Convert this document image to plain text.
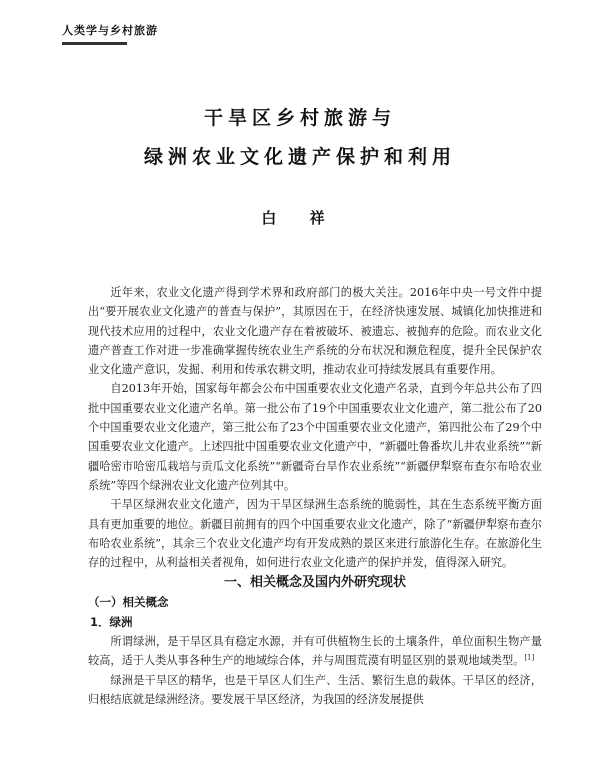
人类学与乡村旅游
干旱区乡村旅游与
绿洲农业文化遗产保护和利用
白 祥

近年来，农业文化遗产得到学术界和政府部门的极大关注。2016年中央一号文件中提出“要开展农业文化遗产的普查与保护”，其原因在于，在经济快速发展、城镇化加快推进和现代技术应用的过程中，农业文化遗产存在着被破坏、被遗忘、被抛弃的危险。而农业文化遗产普查工作对进一步准确掌握传统农业生产系统的分布状况和濒危程度，提升全民保护农业文化遗产意识，发掘、利用和传承农耕文明，推动农业可持续发展具有重要作用。

自2013年开始，国家每年都会公布中国重要农业文化遗产名录，直到今年总共公布了四批中国重要农业文化遗产名单。第一批公布了19个中国重要农业文化遗产，第二批公布了20个中国重要农业文化遗产，第三批公布了23个中国重要农业文化遗产，第四批公布了29个中国重要农业文化遗产。上述四批中国重要农业文化遗产中，“新疆吐鲁番坎儿井农业系统”“新疆哈密市哈密瓜栽培与贡瓜文化系统”“新疆奇台旱作农业系统”“新疆伊犁察布查尔布哈农业系统”等四个绿洲农业文化遗产位列其中。

干旱区绿洲农业文化遗产，因为干旱区绿洲生态系统的脆弱性，其在生态系统平衡方面具有更加重要的地位。新疆目前拥有的四个中国重要农业文化遗产，除了“新疆伊犁察布查尔布哈农业系统”，其余三个农业文化遗产均有开发成熟的景区来进行旅游化生存。在旅游化生存的过程中，从利益相关者视角，如何进行农业文化遗产的保护并发，值得深入研究。

一、相关概念及国内外研究现状
（一）相关概念
1．绿洲

所谓绿洲，是干旱区具有稳定水源，并有可供植物生长的土壤条件，单位面积生物产量较高，适于人类从事各种生产的地域综合体，并与周围荒漠有明显区别的景观地域类型。[1]

绿洲是干旱区的精华，也是干旱区人们生产、生活、繁衍生息的载体。干旱区的经济，归根结底就是绿洲经济。要发展干旱区经济，为我国的经济发展提供
